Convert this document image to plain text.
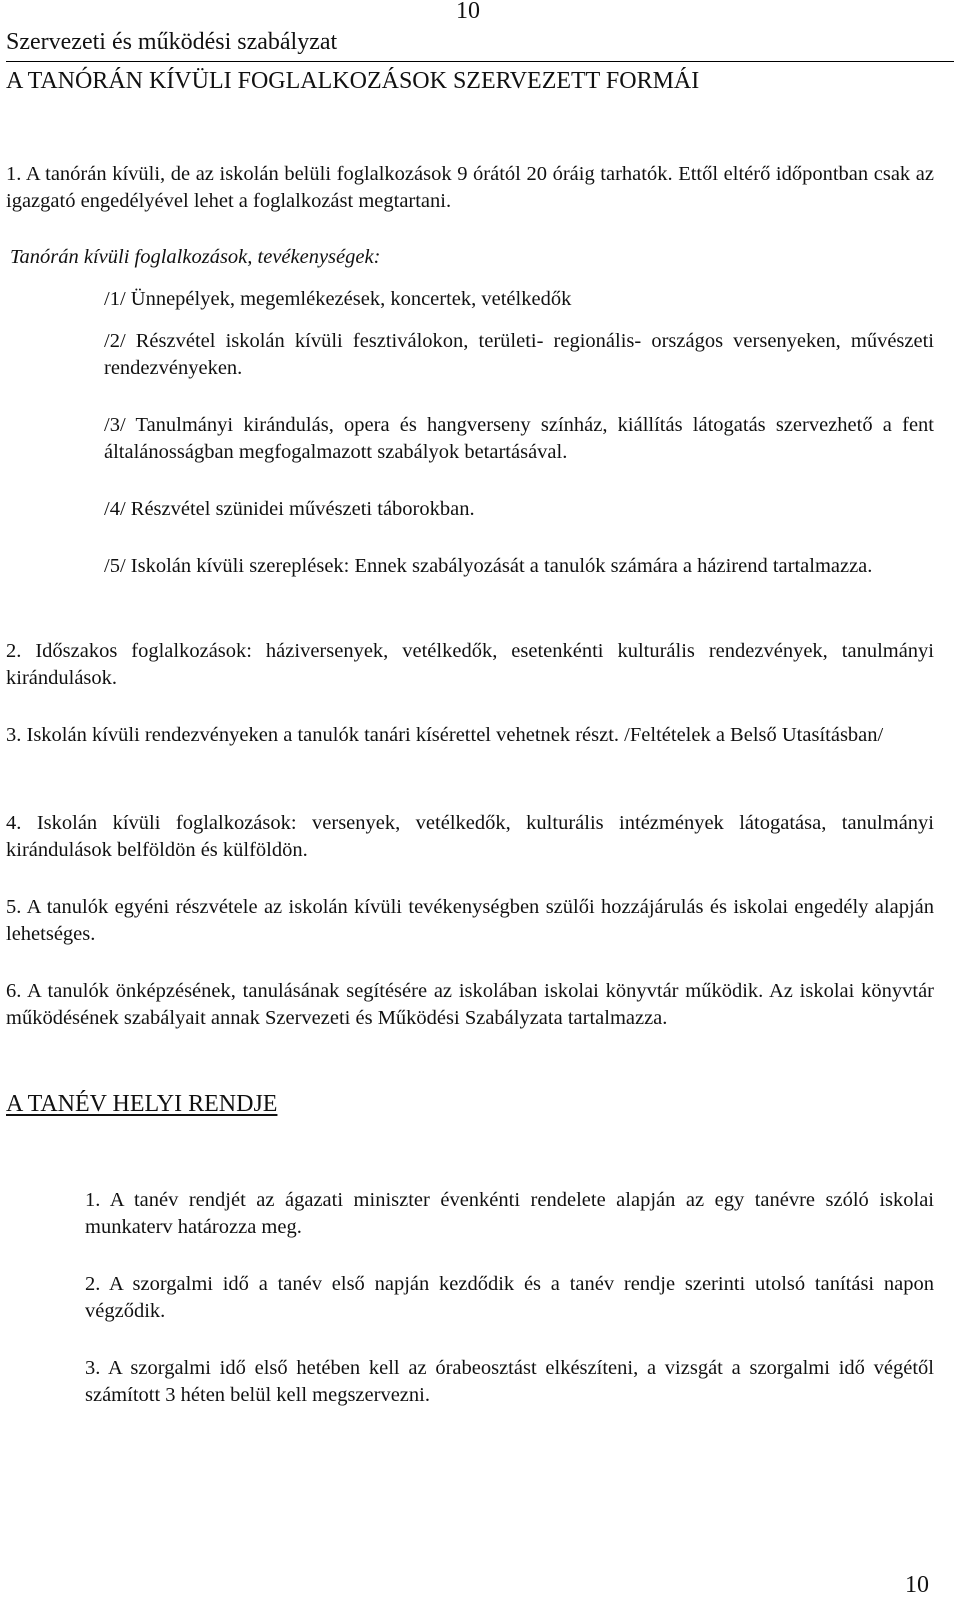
10
Szervezeti és működési szabályzat
A TANÓRÁN KÍVÜLI FOGLALKOZÁSOK SZERVEZETT FORMÁI
1. A tanórán kívüli, de az iskolán belüli foglalkozások 9 órától 20 óráig tarhatók. Ettől eltérő időpontban csak az igazgató engedélyével lehet a foglalkozást megtartani.
Tanórán kívüli foglalkozások, tevékenységek:
/1/ Ünnepélyek, megemlékezések, koncertek, vetélkedők
/2/ Részvétel iskolán kívüli fesztiválokon, területi- regionális- országos versenyeken, művészeti rendezvényeken.
/3/ Tanulmányi kirándulás, opera és hangverseny színház, kiállítás látogatás szervezhető a fent általánosságban megfogalmazott szabályok betartásával.
/4/ Részvétel szünidei művészeti táborokban.
/5/ Iskolán kívüli szereplések: Ennek szabályozását a tanulók számára a házirend tartalmazza.
2. Időszakos foglalkozások: háziversenyek, vetélkedők, esetenkénti kulturális rendezvények, tanulmányi kirándulások.
3. Iskolán kívüli rendezvényeken a tanulók tanári kísérettel vehetnek részt. /Feltételek a Belső Utasításban/
4. Iskolán kívüli foglalkozások: versenyek, vetélkedők, kulturális intézmények látogatása, tanulmányi kirándulások belföldön és külföldön.
5. A tanulók egyéni részvétele az iskolán kívüli tevékenységben szülői hozzájárulás és iskolai engedély alapján lehetséges.
6. A tanulók önképzésének, tanulásának segítésére az iskolában iskolai könyvtár működik. Az iskolai könyvtár működésének szabályait annak Szervezeti és Működési Szabályzata tartalmazza.
A TANÉV HELYI RENDJE
1. A tanév rendjét az ágazati miniszter évenkénti rendelete alapján az egy tanévre szóló iskolai munkaterv határozza meg.
2. A szorgalmi idő a tanév első napján kezdődik és a tanév rendje szerinti utolsó tanítási napon végződik.
3. A szorgalmi idő első hetében kell az órabeosztást elkészíteni, a vizsgát a szorgalmi idő végétől számított 3 héten belül kell megszervezni.
10
